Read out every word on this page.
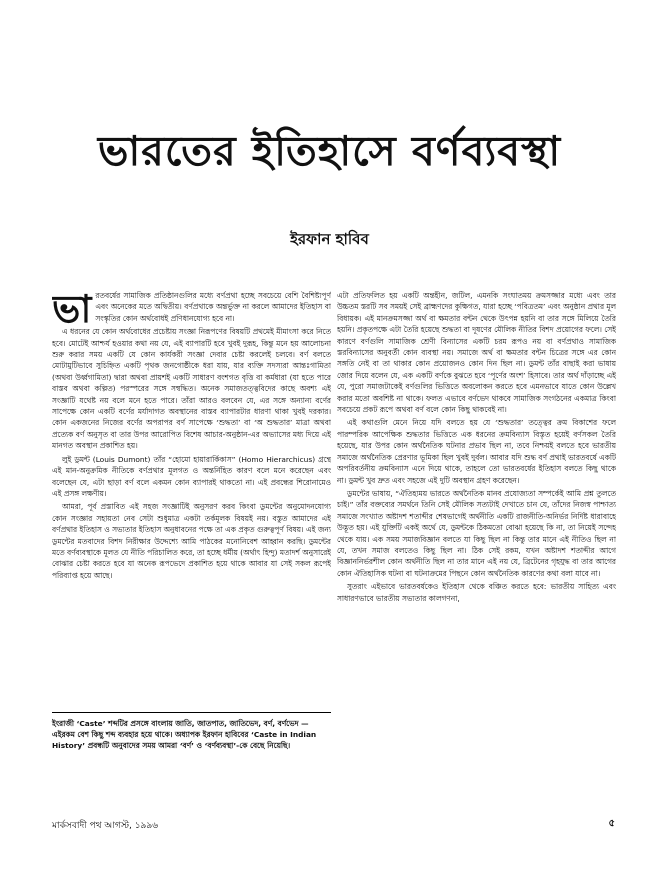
ভারতের ইতিহাসে বর্ণব্যবস্থা
ইরফান হাবিব

ভারতবর্ষের সামাজিক প্রতিষ্ঠানগুলির মধ্যে বর্ণপ্রথা হচ্ছে সবচেয়ে বেশি বৈশিষ্ট্যপূর্ণ এবং অনেকের মতে অদ্বিতীয়। বর্ণপ্রথাকে অন্তর্ভুক্ত না করলে আমাদের ইতিহাস বা সংস্কৃতির কোন অর্থবোধই প্রণিধানযোগ্য হবে না।

এ ধরনের যে কোন অর্থবোধের প্রচেষ্টায় সংজ্ঞা নিরূপণের বিষয়টি প্রথমেই মীমাংসা করে নিতে হবে। মোটেই আশ্চর্য হওয়ার কথা নয় যে, এই ব্যাপারটি হবে খুবই দুরূহ, কিন্তু মনে হয় আলোচনা শুরু করার সময় একটি যে কোন কার্যকরী সংজ্ঞা দেবার চেষ্টা করলেই চলবে। বর্ণ বলতে মোটামুটিভাবে সুচিহ্নিত একটি পৃথক জনগোষ্ঠীকে ধরা যায়, যার ব্যক্তি সদস্যরা আন্তঃগামিতা (অথবা উর্ধ্বগামিতা) দ্বারা অথবা প্রায়শই একটি সাধারণ বংশগত বৃত্তি বা কর্মধারা (যা হতে পারে বাস্তব অথবা কল্পিত) পরস্পরের সঙ্গে সম্বদ্ধিত। অনেক সমাজতত্ত্ববিদের কাছে অবশ্য এই সংজ্ঞাটি যথেষ্ট নয় বলে মনে হতে পারে। তাঁরা আরও বলবেন যে, এর সঙ্গে অন্যান্য বর্ণের সাপেক্ষে কোন একটি বর্ণের মর্যাদাগত অবস্থানের বাস্তব ব্যাপারটার ধারণা থাকা খুবই দরকার। কোন একজনের নিজের বর্ণের অপরাপর বর্ণ সাপেক্ষে ‘শুদ্ধতা’ বা ‘অ শুদ্ধতার’ মাত্রা অথবা প্রত্যেক বর্ণ অনুসৃত বা তার উপর আরোপিত বিশেষ আচার-অনুষ্ঠান-এর অভ্যাসের মধ্য দিয়ে এই মানগত অবস্থান প্রকাশিত হয়।

লুই ডুমন্ট (Louis Dumont) তাঁর “হোমো হায়ারার্কিকাস” (Homo Hierarchicus) গ্রন্থে এই মান-অনুক্রমিক নীতিকে বর্ণপ্রথার মূলগত ও অন্তর্নিহিত কারণ বলে মনে করেছেন এবং বলেছেন যে, এটা ছাড়া বর্ণ বলে একমন কোন ব্যাপারই থাকতো না। এই প্রবন্ধের শিরোনামেও এই প্রসঙ্গ লক্ষণীয়।

আমরা, পূর্ব প্রস্তাবিত এই সহজ সংজ্ঞাটিই অনুসরণ করব কিংবা ডুমন্টের অনুমোদনযোগ্য কোন সংজ্ঞার সহায়তা নেব সেটা শুধুমাত্র একটা তর্কমূলক বিষয়ই নয়। বস্তুত আমাদের এই বর্ণপ্রথার ইতিহাস ও সভ্যতার ইতিহাস অনুধাবনের পক্ষে তা এক প্রকৃত গুরুত্বপূর্ণ বিষয়। এই জন্য ডুমন্টের মতবাদের বিশদ নিরীক্ষার উদ্দেশ্যে আমি পাঠকের মনোনিবেশ আহ্বান করছি। ডুমন্টের মতে বর্ণব্যবস্থাকে মূলত যে নীতি পরিচালিত করে, তা হচ্ছে ধর্মীয় (অর্থাৎ হিন্দু) মতাদর্শ অনুসারেই বোঝার চেষ্টা করতে হবে যা অনেক রূপভেদে প্রকাশিত হয়ে থাকে আবার যা সেই সকল রূপেই পরিব্যাপ্ত হয়ে আছে।

ইংরাজী ‘Caste’ শব্দটির প্রসঙ্গে বাংলায় জাতি, জাতপাত, জাতিভেদ, বর্ণ, বর্ণভেদ — এইরকম বেশ কিছু শব্দ ব্যবহার হয়ে থাকে। অধ্যাপক ইরফান হাবিবের ‘Caste in Indian History’ প্রবন্ধটি অনুবাদের সময় আমরা ‘বর্ণ’ ও ‘বর্ণব্যবস্থা’-কে বেছে নিয়েছি।

এটা প্রতিফলিত হয় একটি অন্তহীন, জটিল, এমনকি সংঘাতময় ক্রমসজ্জার মধ্যে এবং তার উচ্চতম স্তরটি সব সময়ই সেই ব্রাহ্মণদের কুক্ষিগত, যারা হচ্ছে ‘পবিত্রতম’ এবং অনুষ্ঠান প্রথার মূল বিধায়ক। এই মানক্রমসজ্জা অর্থ বা ক্ষমতার বন্টন থেকে উৎপন্ন হয়নি বা তার সঙ্গে মিলিয়ে তৈরি হয়নি। প্রকৃতপক্ষে এটা তৈরি হয়েছে শুদ্ধতা বা দূষণের মৌলিক নীতির বিশদ প্রয়োগের ফলে। সেই কারণে বর্ণগুলি সামাজিক শ্রেণী বিন্যাসের একটি চরম রূপও নয় বা বর্ণপ্রথাও সামাজিক স্তরবিন্যাসের অনুবর্তী কোন ব্যবস্থা নয়। সমাজে অর্থ বা ক্ষমতার বন্টন চিত্রের সঙ্গে এর কোন সঙ্গতি নেই বা তা থাকার কোন প্রয়োজনও কোন দিন ছিল না। ডুমন্ট তাঁর বাছাই করা ভাষায় জোর দিয়ে বলেন যে, এক একটি বর্ণকে বুঝতে হবে ‘পূর্ণের অংশ’ হিসাবে। তার অর্থ দাঁড়াচ্ছে এই যে, পুরো সমাজটাকেই বর্ণগুলির ভিত্তিতে অবলোকন করতে হবে এমনভাবে যাতে কোন উল্লেখ করার মতো অবশিষ্ট না থাকে। ফলত এভাবে বর্ণভেদ থাকবে সামাজিক সংগঠনের একমাত্র কিংবা সবচেয়ে প্রকট রূপে অথবা বর্ণ বলে কোন কিছু থাকবেই না।

এই কথাগুলি মেনে নিয়ে যদি বলতে হয় যে ‘শুদ্ধতার’ তত্ত্বের ক্রম বিকাশের ফলে পারম্পরিক আপেক্ষিক শুদ্ধতার ভিত্তিতে এক ধরনের ক্রমবিন্যাস বিস্তৃত হয়েই বর্ণসকল তৈরি হয়েছে, যার উপর কোন অর্থনৈতিক ঘটনার প্রভাব ছিল না, তবে নিশ্চয়ই বলতে হবে ভারতীয় সমাজে অর্থনৈতিক প্রেরণার ভূমিকা ছিল খুবই দুর্বল। আবার যদি শুদ্ধ বর্ণ প্রথাই ভারতবর্ষে একটি অপরিবর্তনীয় ক্রমবিন্যাস এনে দিয়ে থাকে, তাহলে তো ভারতবর্ষের ইতিহাস বলতে কিছু থাকে না। ডুমন্ট খুব দ্রুত এবং সহজে এই দুটি অবস্থান গ্রহণ করেছেন।

ডুমন্টের ভাষায়, “ঐতিহ্যময় ভারতে অর্থনৈতিক মানব প্রযোজ্যতা সম্পর্কেই আমি প্রশ্ন তুলতে চাই।” তাঁর বক্তব্যের সমর্থনে তিনি সেই মৌলিক সত্যটাই দেখাতে চান যে, তাঁদের নিজস্ব পাশ্চাত্য সমাজে সংখ্যাত অষ্টাদশ শতাব্দীর শেষভাগেই অর্থনীতি একটি রাজনীতি-অনির্ভর নির্দিষ্ট ধারাবাহে উদ্ভূত হয়। এই যুক্তিটি একই অর্থে যে, ডুমন্টকে ঠিকমতো বোঝা হয়েছে কি না, তা নিয়েই সন্দেহ থেকে যায়। এক সময় সমাজবিজ্ঞান বলতে যা কিছু ছিল না কিন্তু তার মানে এই নীতিও ছিল না যে, তখন সমাজ বলতেও কিছু ছিল না। ঠিক সেই রকম, যখন অষ্টাদশ শতাব্দীর আগে বিজ্ঞাননির্ভরশীল কোন অর্থনীতি ছিল না তার মানে এই নয় যে, ব্রিটেনের গৃহযুদ্ধ বা তার আগের কোন ঐতিহাসিক ঘটনা বা ঘটনাক্রমের পিছনে কোন অর্থনৈতিক কারণের কথা বলা যাবে না।

সুতরাং এইভাবে ভারতবর্ষকেও ইতিহাস থেকে বঞ্চিত করতে হবে: ভারতীয় সাহিত্য এবং সাধারণভাবে ভারতীয় সভ্যতার কালগণনা,

মার্কসবাদী পথ আগস্ট, ১৯৯৬	৫
